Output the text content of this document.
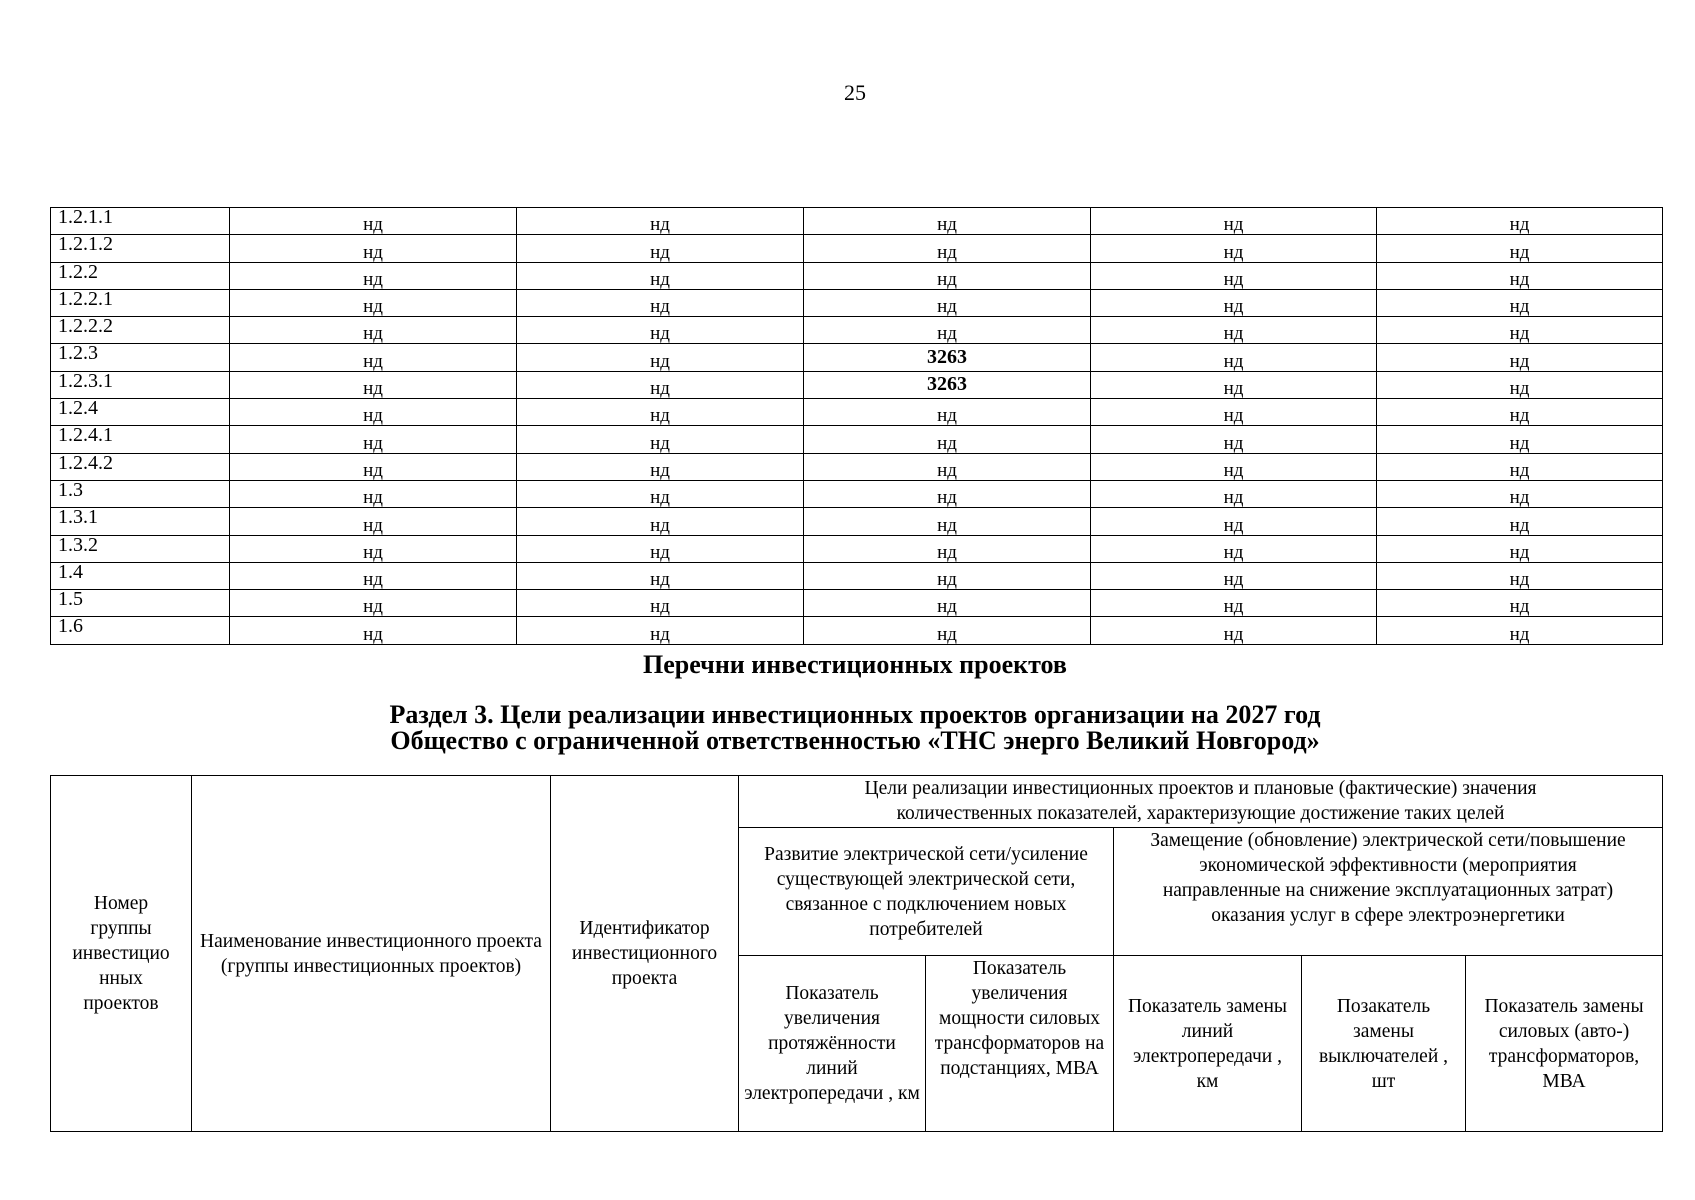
25
1.2.1.1	нд	нд	нд	нд	нд
1.2.1.2	нд	нд	нд	нд	нд
1.2.2	нд	нд	нд	нд	нд
1.2.2.1	нд	нд	нд	нд	нд
1.2.2.2	нд	нд	нд	нд	нд
1.2.3	нд	нд	3263	нд	нд
1.2.3.1	нд	нд	3263	нд	нд
1.2.4	нд	нд	нд	нд	нд
1.2.4.1	нд	нд	нд	нд	нд
1.2.4.2	нд	нд	нд	нд	нд
1.3	нд	нд	нд	нд	нд
1.3.1	нд	нд	нд	нд	нд
1.3.2	нд	нд	нд	нд	нд
1.4	нд	нд	нд	нд	нд
1.5	нд	нд	нд	нд	нд
1.6	нд	нд	нд	нд	нд
Перечни инвестиционных проектов
Раздел 3. Цели реализации инвестиционных проектов организации на 2027 год
Общество с ограниченной ответственностью «ТНС энерго Великий Новгород»
Номер группы инвестицио нных проектов	Наименование инвестиционного проекта (группы инвестиционных проектов)	Идентификатор инвестиционного проекта	Цели реализации инвестиционных проектов и плановые (фактические) значения количественных показателей, характеризующие достижение таких целей				
			Развитие электрической сети/усиление существующей электрической сети, связанное с подключением новых потребителей		Замещение (обновление) электрической сети/повышение экономической эффективности (мероприятия направленные на снижение эксплуатационных затрат) оказания услуг в сфере электроэнергетики		
			Показатель увеличения протяжённости линий электропередачи , км	Показатель увеличения мощности силовых трансформаторов на подстанциях, МВА	Показатель замены линий электропередачи , км	Позакатель замены выключателей , шт	Показатель замены силовых (авто-) трансформаторов, МВА
